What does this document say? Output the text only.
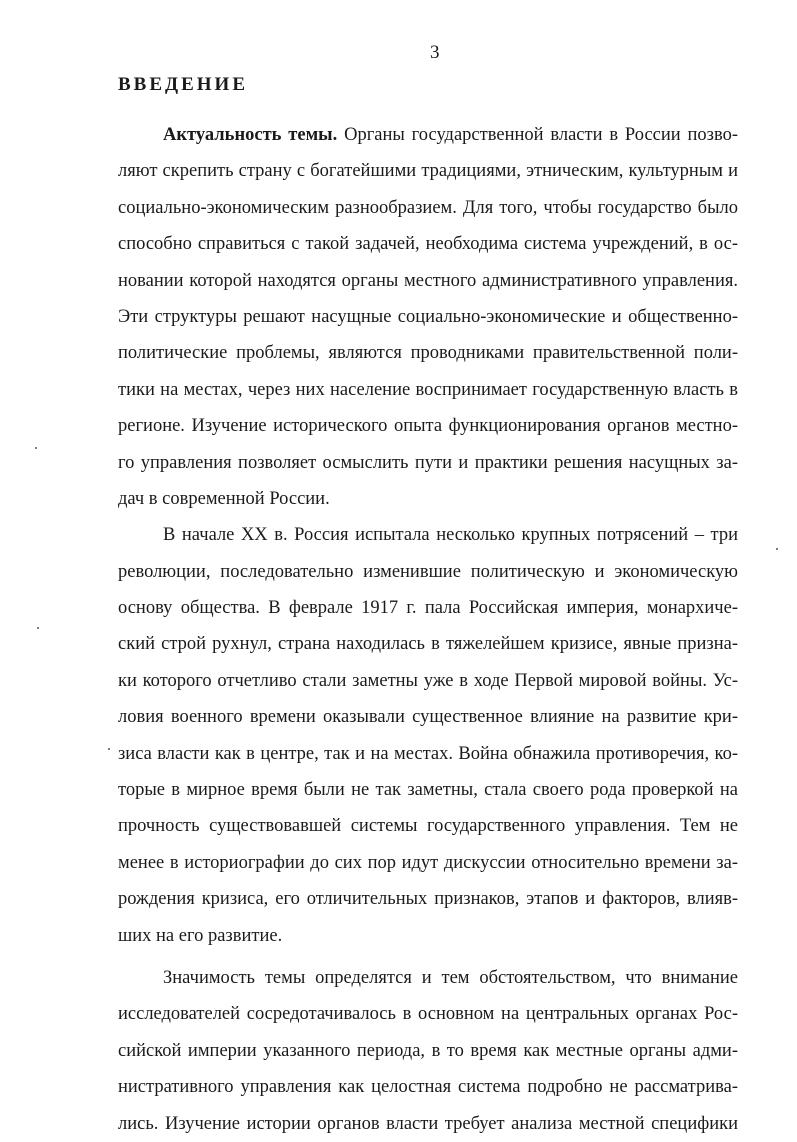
3
ВВЕДЕНИЕ
Актуальность темы. Органы государственной власти в России позво-
ляют скрепить страну с богатейшими традициями, этническим, культурным и
социально-экономическим разнообразием. Для того, чтобы государство было
способно справиться с такой задачей, необходима система учреждений, в ос-
новании которой находятся органы местного административного управления.
Эти структуры решают насущные социально-экономические и общественно-
политические проблемы, являются проводниками правительственной поли-
тики на местах, через них население воспринимает государственную власть в
регионе. Изучение исторического опыта функционирования органов местно-
го управления позволяет осмыслить пути и практики решения насущных за-
дач в современной России.
В начале XX в. Россия испытала несколько крупных потрясений – три
революции, последовательно изменившие политическую и экономическую
основу общества. В феврале 1917 г. пала Российская империя, монархиче-
ский строй рухнул, страна находилась в тяжелейшем кризисе, явные призна-
ки которого отчетливо стали заметны уже в ходе Первой мировой войны. Ус-
ловия военного времени оказывали существенное влияние на развитие кри-
зиса власти как в центре, так и на местах. Война обнажила противоречия, ко-
торые в мирное время были не так заметны, стала своего рода проверкой на
прочность существовавшей системы государственного управления. Тем не
менее в историографии до сих пор идут дискуссии относительно времени за-
рождения кризиса, его отличительных признаков, этапов и факторов, влияв-
ших на его развитие.
Значимость темы определятся и тем обстоятельством, что внимание
исследователей сосредотачивалось в основном на центральных органах Рос-
сийской империи указанного периода, в то время как местные органы адми-
нистративного управления как целостная система подробно не рассматрива-
лись. Изучение истории органов власти требует анализа местной специфики
